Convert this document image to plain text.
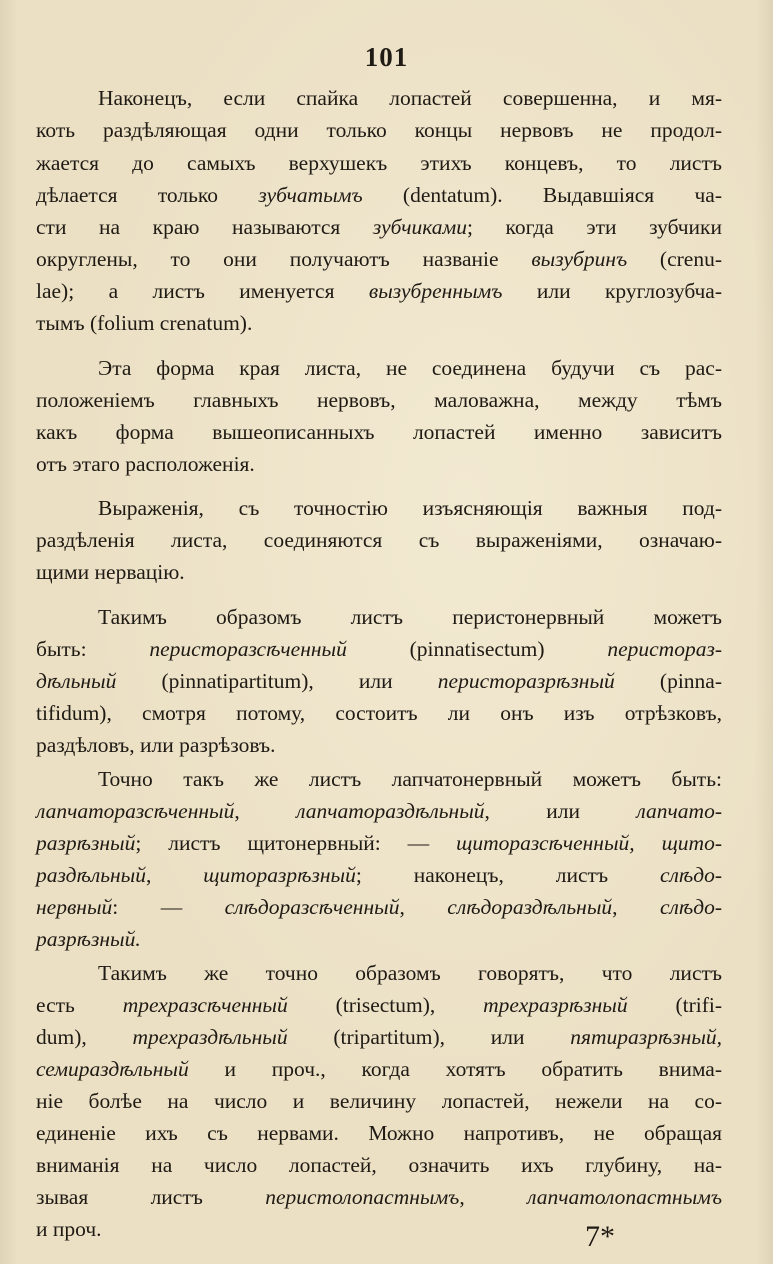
101
Наконецъ, если спайка лопастей совершенна, и мя-
коть раздѣляющая одни только концы нервовъ не продол-
жается до самыхъ верхушекъ этихъ концевъ, то листъ
дѣлается только зубчатымъ (dentatum). Выдавшiяся ча-
сти на краю называются зубчиками; когда эти зубчики
округлены, то они получаютъ названiе вызубринъ (crenu-
lae); а листъ именуется вызубреннымъ или круглозубча-
тымъ (folium crenatum).
Эта форма края листа, не соединена будучи съ рас-
положенiемъ главныхъ нервовъ, маловажна, между тѣмъ
какъ форма вышеописанныхъ лопастей именно зависитъ
отъ этаго расположенiя.
Выраженiя, съ точностiю изъясняющiя важныя под-
раздѣленiя листа, соединяются съ выраженiями, означаю-
щими нервацiю.
Такимъ образомъ листъ перистонервный можетъ
быть: перисторазсѣченный (pinnatisectum) перистораз-
дѣльный (pinnatipartitum), или перисторазрѣзный (pinna-
tifidum), смотря потому, состоитъ ли онъ изъ отрѣзковъ,
раздѣловъ, или разрѣзовъ.
Точно такъ же листъ лапчатонервный можетъ быть:
лапчаторазсѣченный, лапчатораздѣльный, или лапчато-
разрѣзный; листъ щитонервный: — щиторазсѣченный, щито-
раздѣльный, щиторазрѣзный; наконецъ, листъ слѣдо-
нервный: — слѣдоразсѣченный, слѣдораздѣльный, слѣдо-
разрѣзный.
Такимъ же точно образомъ говорятъ, что листъ
есть трехразсѣченный (trisectum), трехразрѣзный (trifi-
dum), трехраздѣльный (tripartitum), или пятиразрѣзный,
семираздѣльный и проч., когда хотятъ обратить внима-
нiе болѣе на число и величину лопастей, нежели на со-
единенiе ихъ съ нервами. Можно напротивъ, не обращая
вниманiя на число лопастей, означить ихъ глубину, на-
зывая листъ перистолопастнымъ, лапчатолопастнымъ
и проч.	7*
